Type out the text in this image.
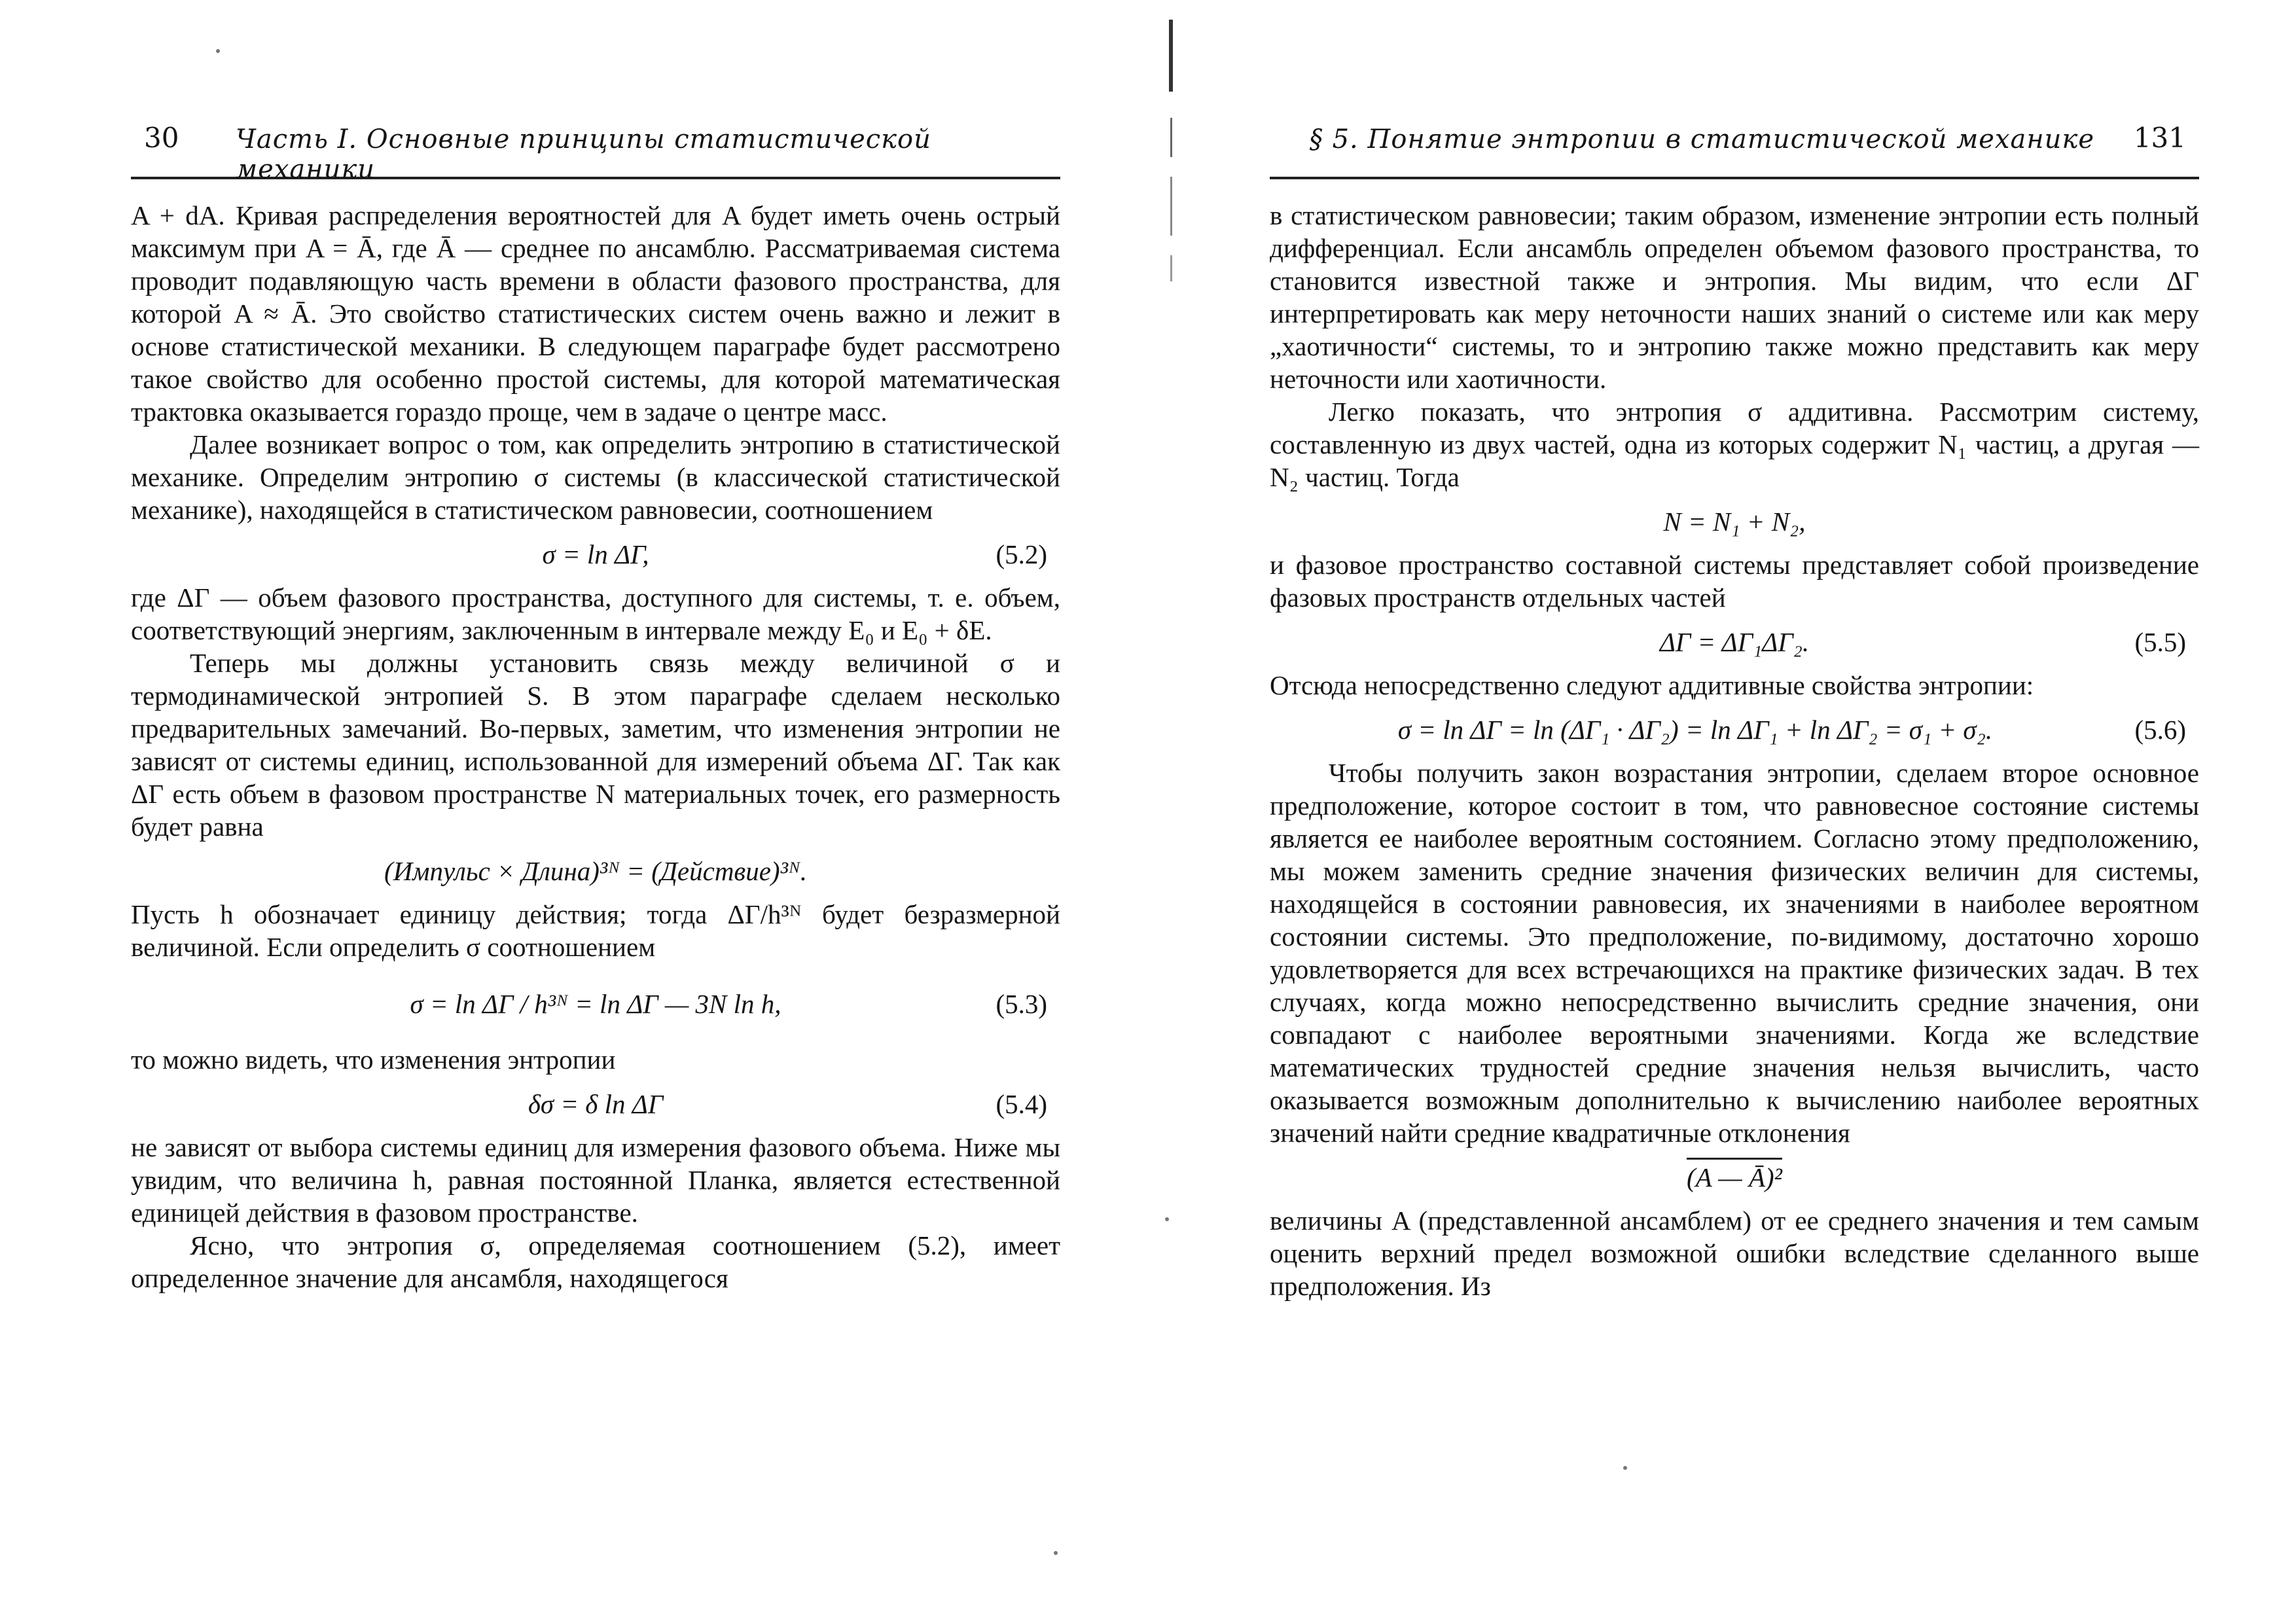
30 Часть I. Основные принципы статистической механики

A + dA. Кривая распределения вероятностей для A будет иметь очень острый максимум при A = Ā, где Ā — среднее по ансамблю. Рассматриваемая система проводит подавляющую часть времени в области фазового пространства, для которой A ≈ Ā. Это свойство статистических систем очень важно и лежит в основе статистической механики. В следующем параграфе будет рассмотрено такое свойство для особенно простой системы, для которой математическая трактовка оказывается гораздо проще, чем в задаче о центре масс.

Далее возникает вопрос о том, как определить энтропию в статистической механике. Определим энтропию σ системы (в классической статистической механике), находящейся в статистическом равновесии, соотношением

σ = ln ΔΓ,	(5.2)

где ΔΓ — объем фазового пространства, доступного для системы, т. е. объем, соответствующий энергиям, заключенным в интервале между E₀ и E₀ + δE.

Теперь мы должны установить связь между величиной σ и термодинамической энтропией S. В этом параграфе сделаем несколько предварительных замечаний. Во-первых, заметим, что изменения энтропии не зависят от системы единиц, использованной для измерений объема ΔΓ. Так как ΔΓ есть объем в фазовом пространстве N материальных точек, его размерность будет равна

(Импульс × Длина)³ᴺ = (Действие)³ᴺ.

Пусть h обозначает единицу действия; тогда ΔΓ/h³ᴺ будет безразмерной величиной. Если определить σ соотношением

σ = ln ΔΓ / h³ᴺ = ln ΔΓ — 3N ln h,	(5.3)

то можно видеть, что изменения энтропии

δσ = δ ln ΔΓ	(5.4)

не зависят от выбора системы единиц для измерения фазового объема. Ниже мы увидим, что величина h, равная постоянной Планка, является естественной единицей действия в фазовом пространстве.

Ясно, что энтропия σ, определяемая соотношением (5.2), имеет определенное значение для ансамбля, находящегося

§ 5. Понятие энтропии в статистической механике 131

в статистическом равновесии; таким образом, изменение энтропии есть полный дифференциал. Если ансамбль определен объемом фазового пространства, то становится известной также и энтропия. Мы видим, что если ΔΓ интерпретировать как меру неточности наших знаний о системе или как меру „хаотичности“ системы, то и энтропию также можно представить как меру неточности или хаотичности.

Легко показать, что энтропия σ аддитивна. Рассмотрим систему, составленную из двух частей, одна из которых содержит N₁ частиц, а другая — N₂ частиц. Тогда

N = N₁ + N₂,

и фазовое пространство составной системы представляет собой произведение фазовых пространств отдельных частей

ΔΓ = ΔΓ₁ΔΓ₂.	(5.5)

Отсюда непосредственно следуют аддитивные свойства энтропии:

σ = ln ΔΓ = ln (ΔΓ₁ · ΔΓ₂) = ln ΔΓ₁ + ln ΔΓ₂ = σ₁ + σ₂.	(5.6)

Чтобы получить закон возрастания энтропии, сделаем второе основное предположение, которое состоит в том, что равновесное состояние системы является ее наиболее вероятным состоянием. Согласно этому предположению, мы можем заменить средние значения физических величин для системы, находящейся в состоянии равновесия, их значениями в наиболее вероятном состоянии системы. Это предположение, по-видимому, достаточно хорошо удовлетворяется для всех встречающихся на практике физических задач. В тех случаях, когда можно непосредственно вычислить средние значения, они совпадают с наиболее вероятными значениями. Когда же вследствие математических трудностей средние значения нельзя вычислить, часто оказывается возможным дополнительно к вычислению наиболее вероятных значений найти средние квадратичные отклонения

(A — Ā)²

величины A (представленной ансамблем) от ее среднего значения и тем самым оценить верхний предел возможной ошибки вследствие сделанного выше предположения. Из
